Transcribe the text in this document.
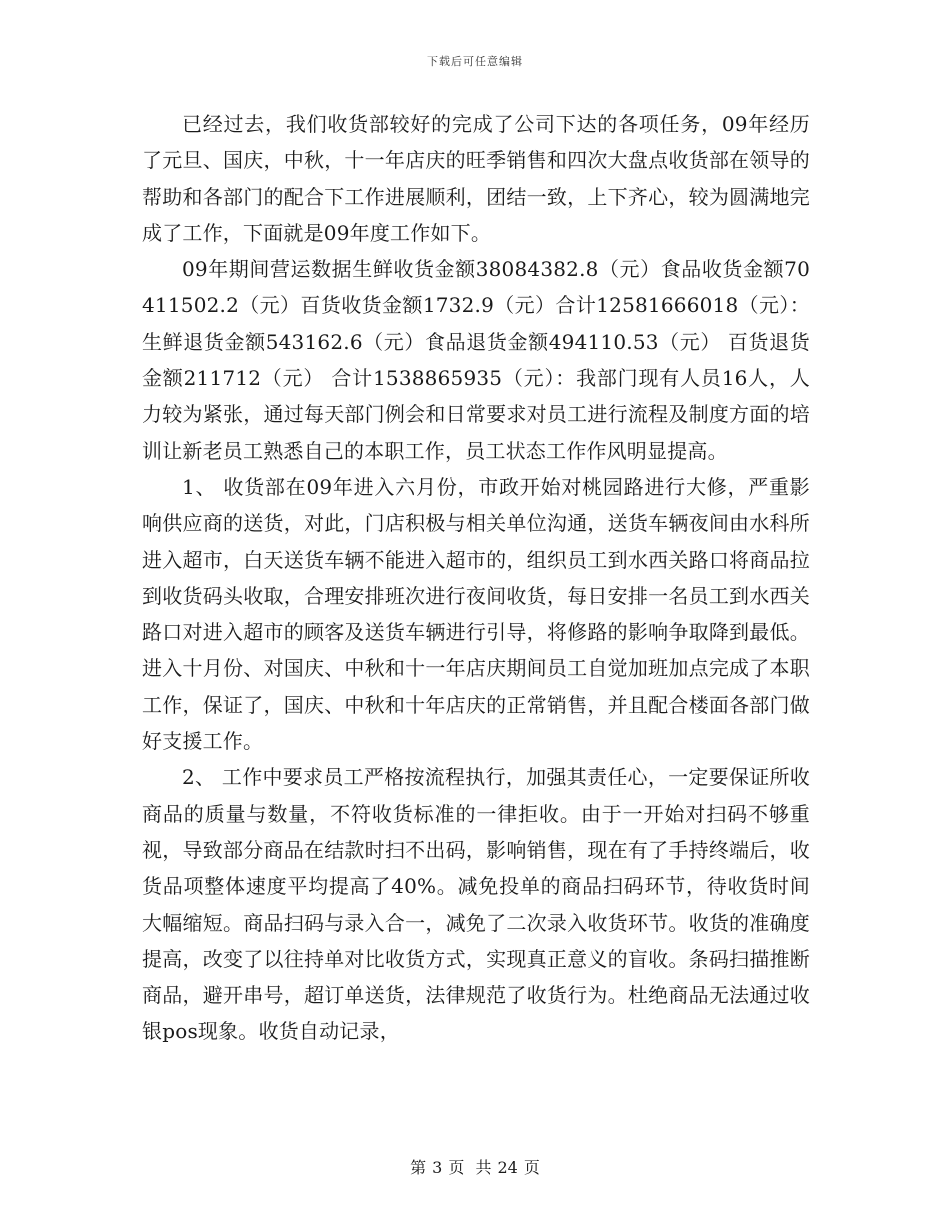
下载后可任意编辑

已经过去，我们收货部较好的完成了公司下达的各项任务，09年经历了元旦、国庆，中秋，十一年店庆的旺季销售和四次大盘点收货部在领导的帮助和各部门的配合下工作进展顺利，团结一致，上下齐心，较为圆满地完成了工作，下面就是09年度工作如下。

09年期间营运数据生鲜收货金额38084382.8（元）食品收货金额70411502.2（元）百货收货金额1732.9（元）合计12581666018（元）：生鲜退货金额543162.6（元）食品退货金额494110.53（元） 百货退货金额211712（元） 合计1538865935（元）：我部门现有人员16人，人力较为紧张，通过每天部门例会和日常要求对员工进行流程及制度方面的培训让新老员工熟悉自己的本职工作，员工状态工作作风明显提高。

1、 收货部在09年进入六月份，市政开始对桃园路进行大修，严重影响供应商的送货，对此，门店积极与相关单位沟通，送货车辆夜间由水科所进入超市，白天送货车辆不能进入超市的，组织员工到水西关路口将商品拉到收货码头收取，合理安排班次进行夜间收货，每日安排一名员工到水西关路口对进入超市的顾客及送货车辆进行引导，将修路的影响争取降到最低。进入十月份、对国庆、中秋和十一年店庆期间员工自觉加班加点完成了本职工作，保证了，国庆、中秋和十年店庆的正常销售，并且配合楼面各部门做好支援工作。

2、 工作中要求员工严格按流程执行，加强其责任心，一定要保证所收商品的质量与数量，不符收货标准的一律拒收。由于一开始对扫码不够重视，导致部分商品在结款时扫不出码，影响销售，现在有了手持终端后，收货品项整体速度平均提高了40%。减免投单的商品扫码环节，待收货时间大幅缩短。商品扫码与录入合一，减免了二次录入收货环节。收货的准确度提高，改变了以往持单对比收货方式，实现真正意义的盲收。条码扫描推断商品，避开串号，超订单送货，法律规范了收货行为。杜绝商品无法通过收银pos现象。收货自动记录，

第 3 页 共 24 页
